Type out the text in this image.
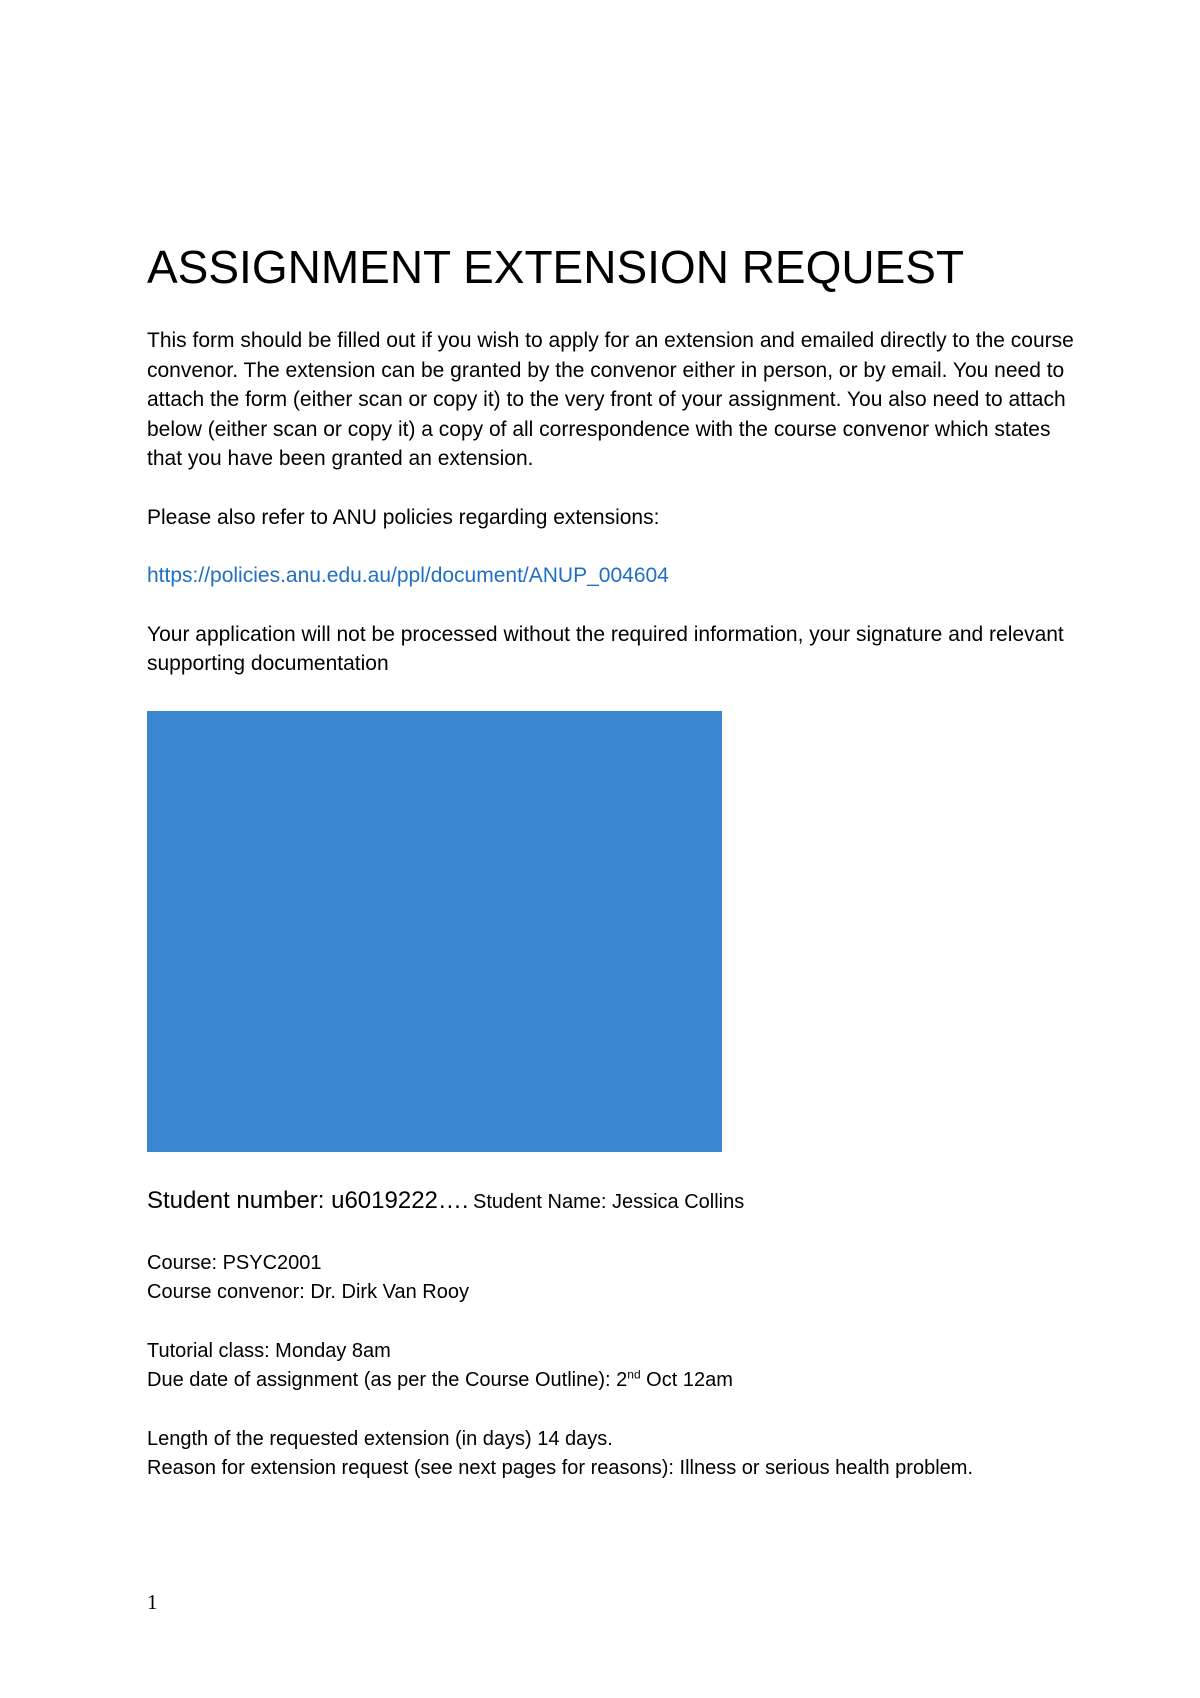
ASSIGNMENT EXTENSION REQUEST

This form should be filled out if you wish to apply for an extension and emailed directly to the course convenor. The extension can be granted by the convenor either in person, or by email. You need to attach the form (either scan or copy it) to the very front of your assignment. You also need to attach below (either scan or copy it) a copy of all correspondence with the course convenor which states that you have been granted an extension.

Please also refer to ANU policies regarding extensions:

https://policies.anu.edu.au/ppl/document/ANUP_004604

Your application will not be processed without the required information, your signature and relevant supporting documentation

Student number: u6019222…. Student Name: Jessica Collins
Course: PSYC2001
Course convenor: Dr. Dirk Van Rooy
Tutorial class: Monday 8am
Due date of assignment (as per the Course Outline): 2nd Oct 12am
Length of the requested extension (in days) 14 days.
Reason for extension request (see next pages for reasons): Illness or serious health problem.
1
